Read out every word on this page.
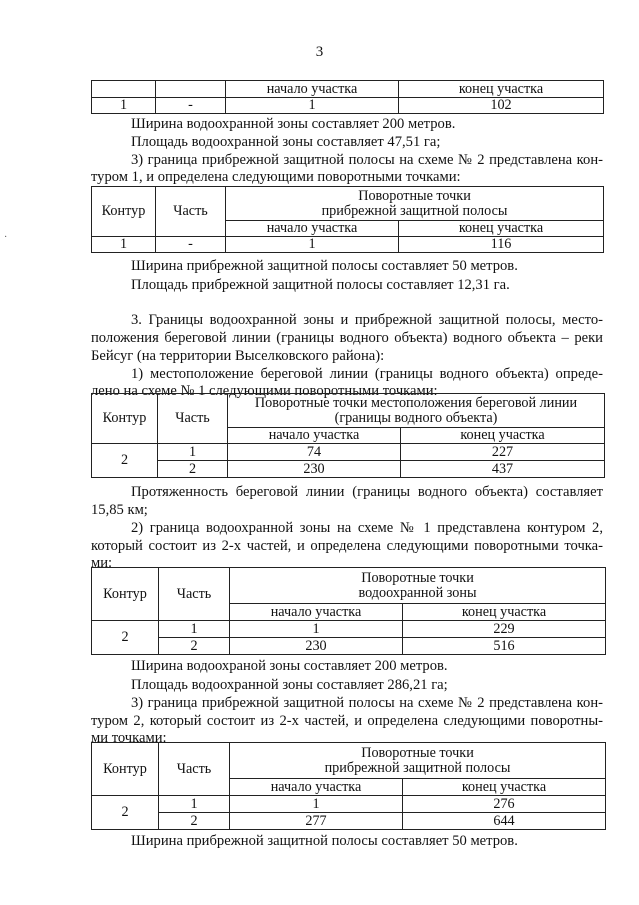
3
		начало участка	конец участка
1	-	1	102
Ширина водоохранной зоны составляет 200 метров.
Площадь водоохранной зоны составляет 47,51 га;
3) граница прибрежной защитной полосы на схеме № 2 представлена кон-
туром 1, и определена следующими поворотными точками:
Контур	Часть	Поворотные точки
прибрежной защитной полосы	

		начало участка	конец участка
1	-	1	116
Ширина прибрежной защитной полосы составляет 50 метров.
Площадь прибрежной защитной полосы составляет 12,31 га.
3. Границы водоохранной зоны и прибрежной защитной полосы, место-
положения береговой линии (границы водного объекта) водного объекта – реки
Бейсуг (на территории Выселковского района):
1) местоположение береговой линии (границы водного объекта) опреде-
лено на схеме № 1 следующими поворотными точками:
Контур	Часть	Поворотные точки местоположения береговой линии
(границы водного объекта)	

		начало участка	конец участка
2	1	74	227
	2	230	437
Протяженность береговой линии (границы водного объекта) составляет
15,85 км;
2) граница водоохранной зоны на схеме № 1 представлена контуром 2,
который состоит из 2-х частей, и определена следующими поворотными точка-
ми:
Контур	Часть	Поворотные точки
водоохранной зоны	

		начало участка	конец участка
2	1	1	229
	2	230	516
Ширина водоохраной зоны составляет 200 метров.
Площадь водоохранной зоны составляет 286,21 га;
3) граница прибрежной защитной полосы на схеме № 2 представлена кон-
туром 2, который состоит из 2-х частей, и определена следующими поворотны-
ми точками:
Контур	Часть	Поворотные точки
прибрежной защитной полосы	

		начало участка	конец участка
2	1	1	276
	2	277	644
Ширина прибрежной защитной полосы составляет 50 метров.
·
